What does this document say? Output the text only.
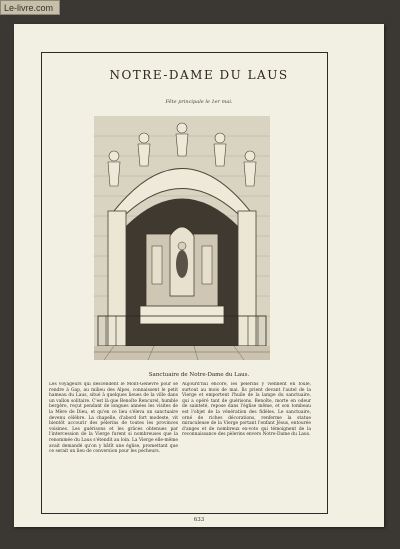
Le-livre.com
NOTRE-DAME DU LAUS
Fête principale le 1er mai.
Sanctuaire de Notre-Dame du Laus.
Les voyageurs qui descendent le Mont-Genèvre pour se rendre à Gap, au milieu des Alpes, connaissent le petit hameau du Laus, situé à quelques lieues de la ville dans un vallon solitaire. C'est là que Benoîte Rencurel, humble bergère, reçut pendant de longues années les visites de la Mère de Dieu, et qu'en ce lieu s'éleva un sanctuaire devenu célèbre. La chapelle, d'abord fort modeste, vit bientôt accourir des pèlerins de toutes les provinces voisines. Les guérisons et les grâces obtenues par l'intercession de la Vierge furent si nombreuses que la renommée du Laus s'étendit au loin. La Vierge elle-même avait demandé qu'on y bâtît une église, promettant que ce serait un lieu de conversion pour les pécheurs.
Aujourd'hui encore, les pèlerins y viennent en foule, surtout au mois de mai. Ils prient devant l'autel de la Vierge et emportent l'huile de la lampe du sanctuaire, qui a opéré tant de guérisons. Benoîte, morte en odeur de sainteté, repose dans l'église même, et son tombeau est l'objet de la vénération des fidèles. Le sanctuaire, orné de riches décorations, renferme la statue miraculeuse de la Vierge portant l'enfant Jésus, entourée d'anges et de nombreux ex-voto qui témoignent de la reconnaissance des pèlerins envers Notre-Dame du Laus.
633
